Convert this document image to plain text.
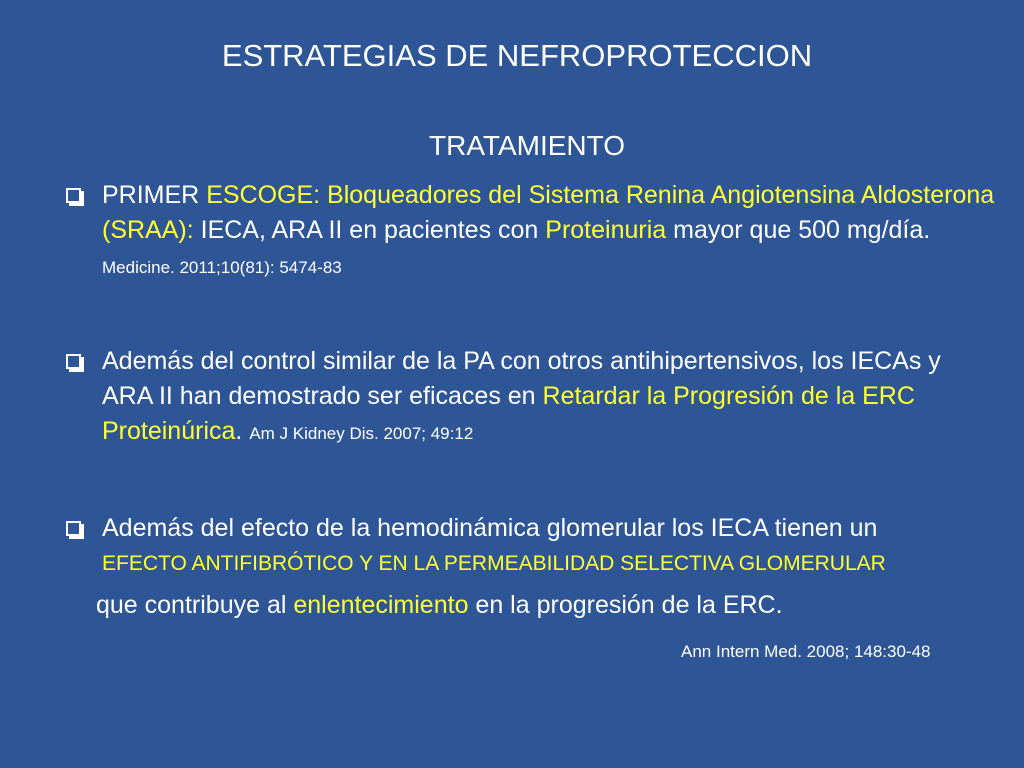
ESTRATEGIAS DE NEFROPROTECCION
TRATAMIENTO
PRIMER ESCOGE: Bloqueadores del Sistema Renina Angiotensina Aldosterona (SRAA): IECA, ARA II en pacientes con Proteinuria mayor que 500 mg/día. Medicine. 2011;10(81): 5474-83
Además del control similar de la PA con otros antihipertensivos, los IECAs y ARA II han demostrado ser eficaces en Retardar la Progresión de la ERC Proteinúrica. Am J Kidney Dis. 2007; 49:12
Además del efecto de la hemodinámica glomerular los IECA tienen un
EFECTO ANTIFIBRÓTICO Y EN LA PERMEABILIDAD SELECTIVA GLOMERULAR
que contribuye al enlentecimiento en la progresión de la ERC.
Ann Intern Med. 2008; 148:30-48
